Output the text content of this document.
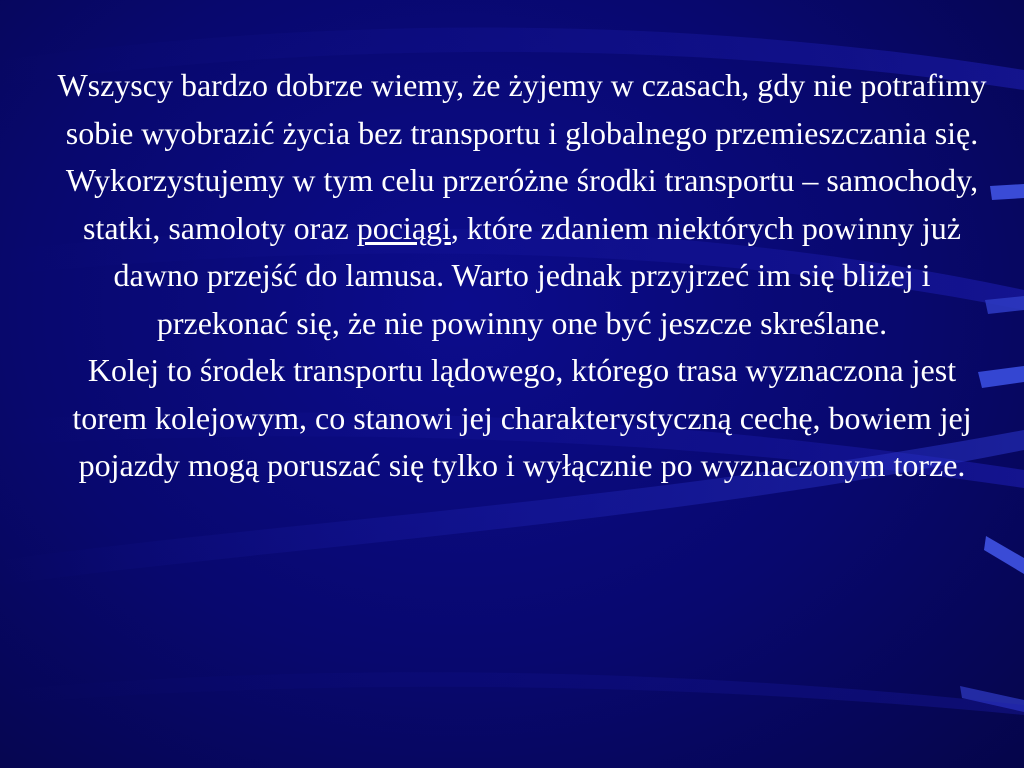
Wszyscy bardzo dobrze wiemy, że żyjemy w czasach, gdy nie potrafimy sobie wyobrazić życia bez transportu i globalnego przemieszczania się. Wykorzystujemy w tym celu przeróżne środki transportu – samochody, statki, samoloty oraz pociągi, które zdaniem niektórych powinny już dawno przejść do lamusa. Warto jednak przyjrzeć im się bliżej i przekonać się, że nie powinny one być jeszcze skreślane.

Kolej to środek transportu lądowego, którego trasa wyznaczona jest torem kolejowym, co stanowi jej charakterystyczną cechę, bowiem jej pojazdy mogą poruszać się tylko i wyłącznie po wyznaczonym torze.
